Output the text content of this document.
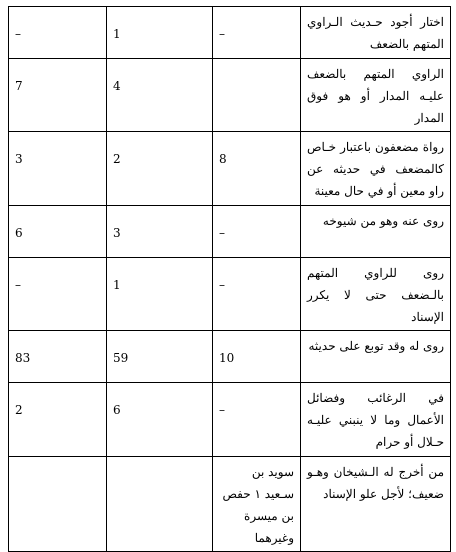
اختار أجود حـديث الـراوي المتهم بالضعف	–	1	–

الراوي المتهم بالضعف عليـه المدار أو هو فوق المدار		4	7

رواة مضعفون باعتبار خـاص كالمضعف في حديثه عن راو معين أو في حال معينة	8	2	3

روى عنه وهو من شيوخه	–	3	6

روى للراوي المتهم بالـضعف حتى لا يكرر الإسناد	–	1	–

روى له وقد توبع على حديثه	10	59	83

في الرغائب وفضائل الأعمال وما لا ينبني عليـه حـلال أو حرام	–	6	2

من أخرج له الـشيخان وهـو ضعيف؛ لأجل علو الإسناد	سويد بن سـعيد ١ حفص بن ميسرة وغيرهما	
